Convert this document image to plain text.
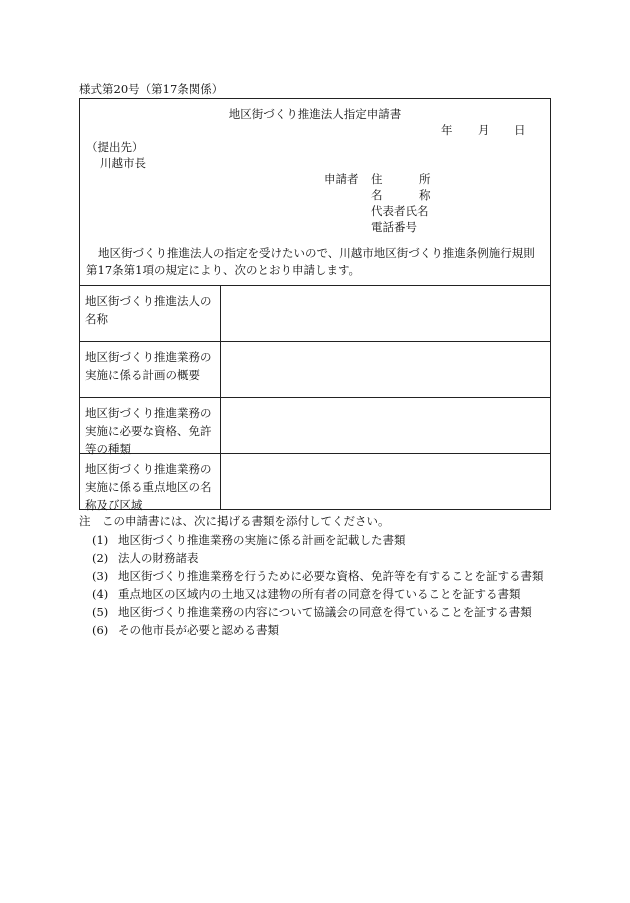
様式第20号（第17条関係）
地区街づくり推進法人指定申請書
年 月 日
（提出先）
川越市長
申請者 住	所
名	称
代表者氏名
電話番号
地区街づくり推進法人の指定を受けたいので、川越市地区街づくり推進条例施行規則第17条第1項の規定により、次のとおり申請します。
地区街づくり推進法人の名称
地区街づくり推進業務の実施に係る計画の概要
地区街づくり推進業務の実施に必要な資格、免許等の種類
地区街づくり推進業務の実施に係る重点地区の名称及び区域
注　この申請書には、次に掲げる書類を添付してください。
(1) 地区街づくり推進業務の実施に係る計画を記載した書類
(2) 法人の財務諸表
(3) 地区街づくり推進業務を行うために必要な資格、免許等を有することを証する書類
(4) 重点地区の区域内の土地又は建物の所有者の同意を得ていることを証する書類
(5) 地区街づくり推進業務の内容について協議会の同意を得ていることを証する書類
(6) その他市長が必要と認める書類
